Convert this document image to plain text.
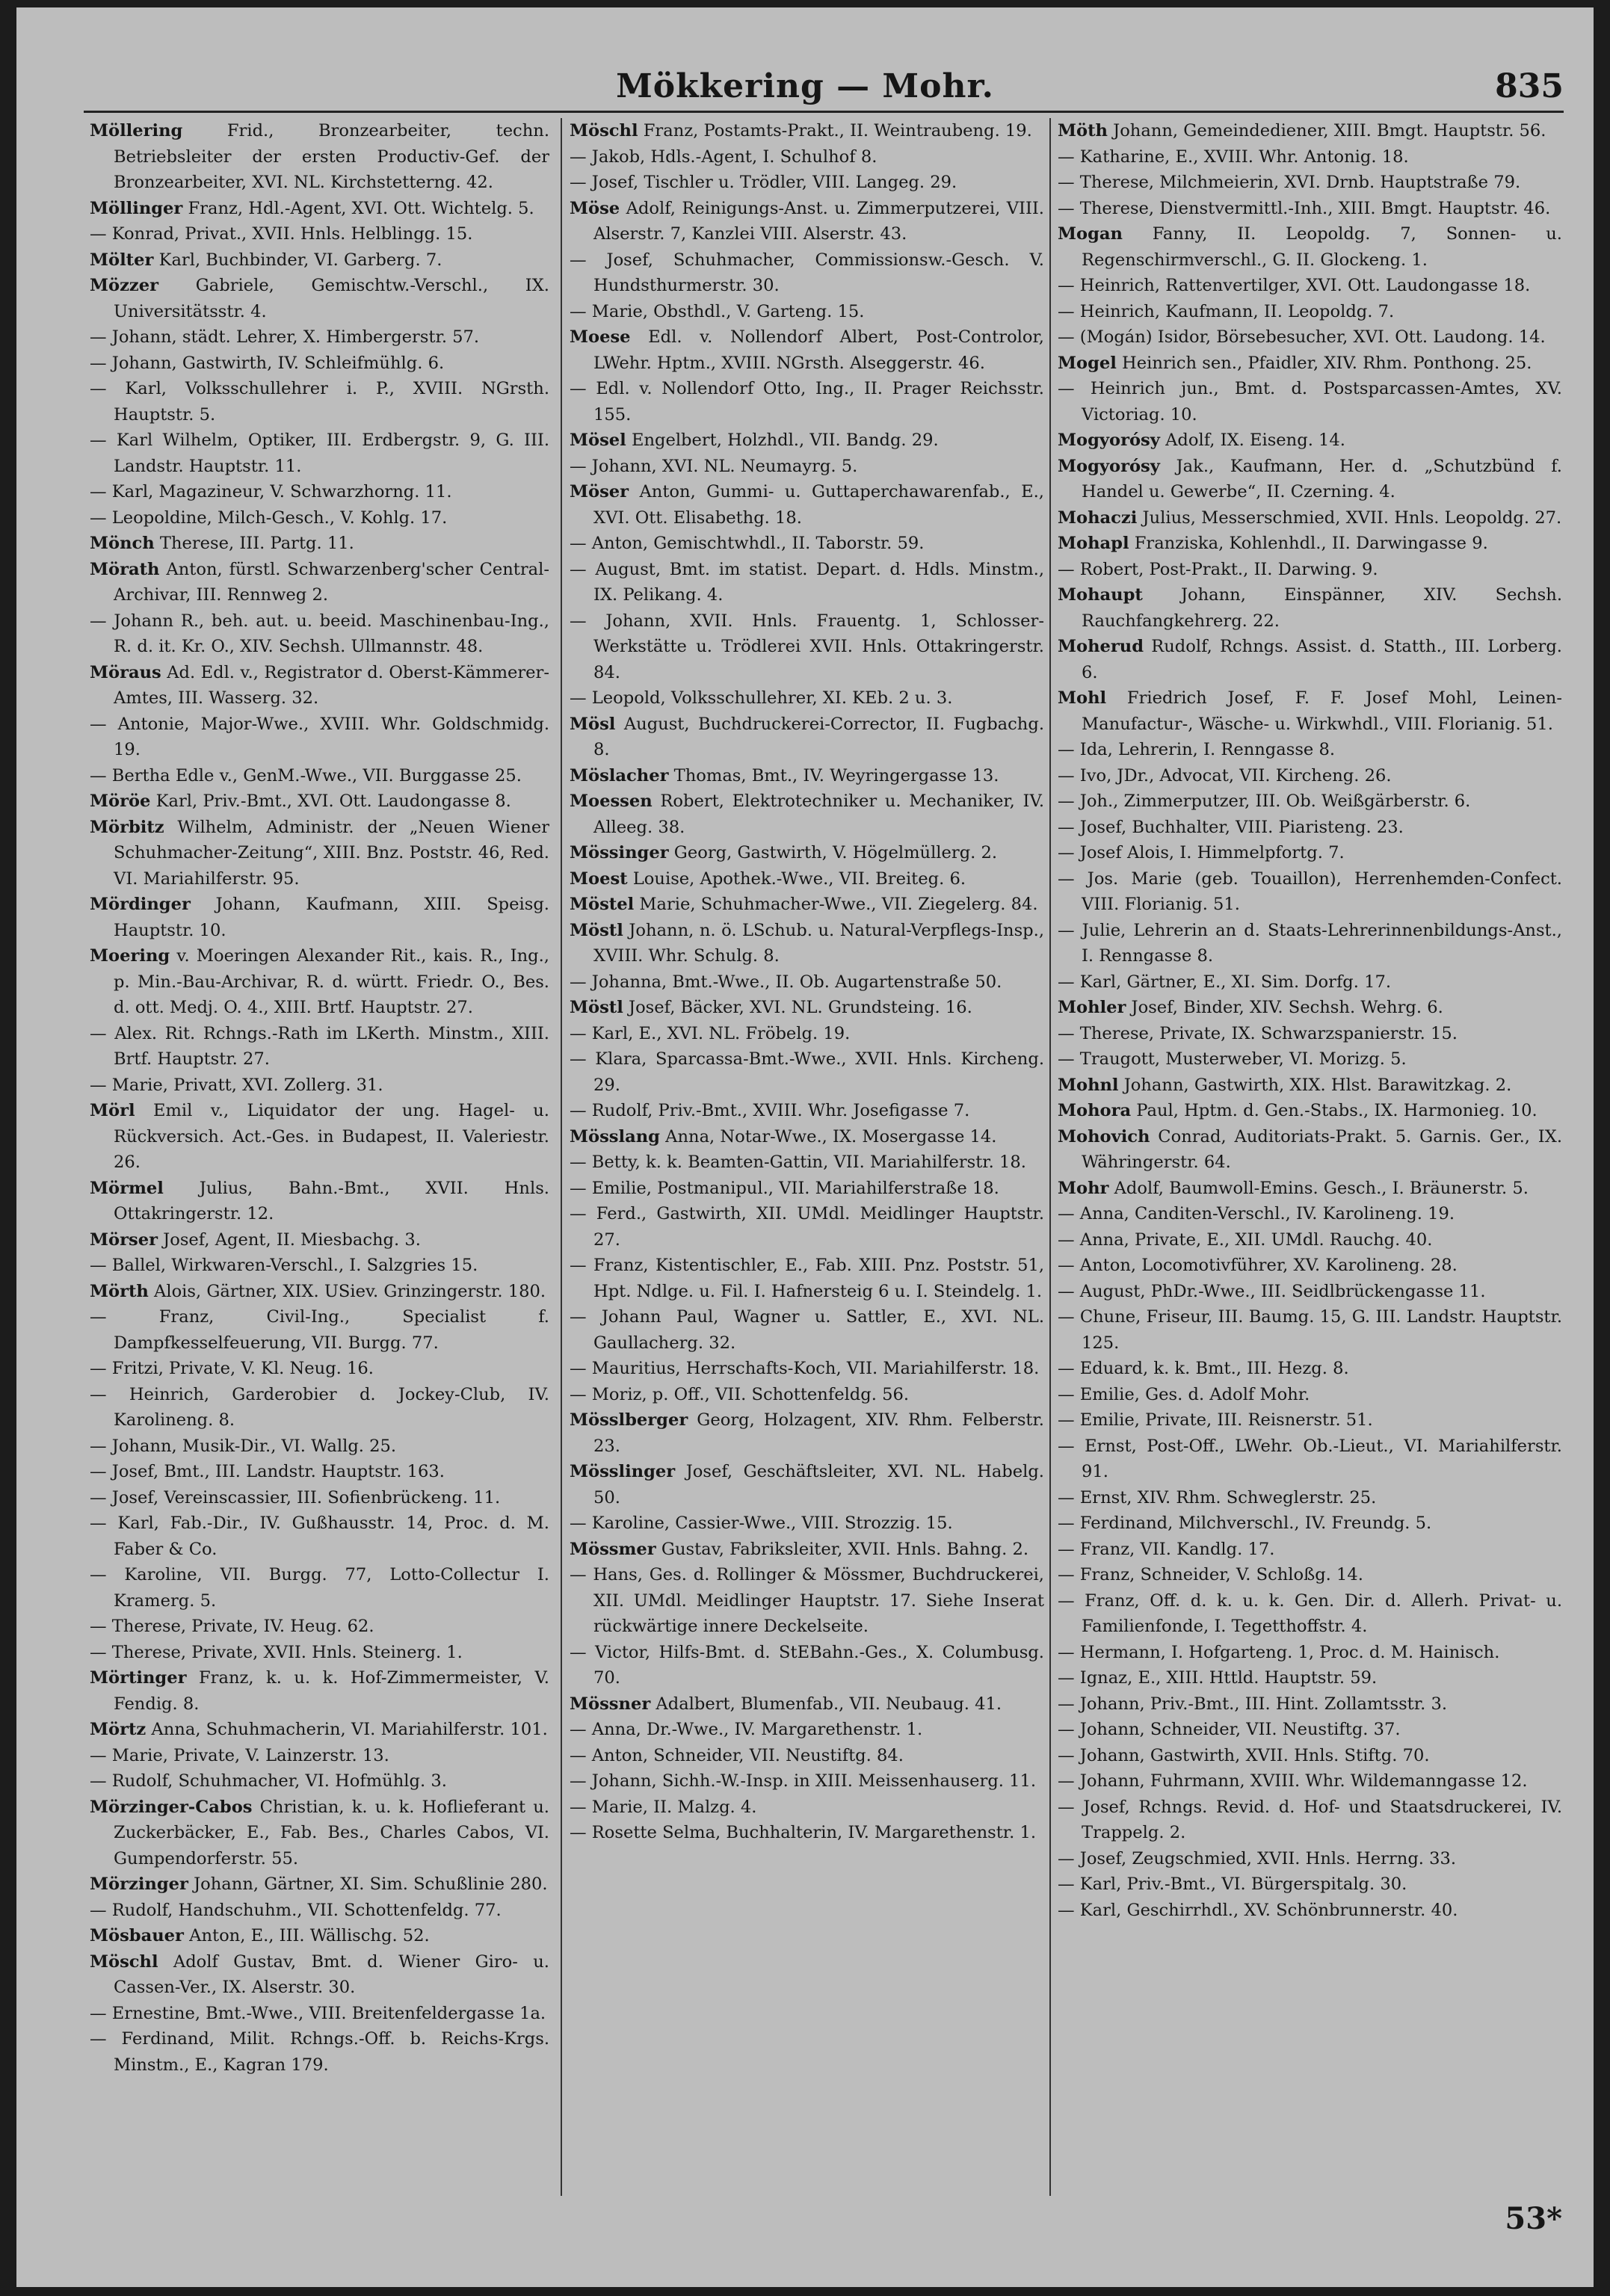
Mökkering — Mohr.	835

Möllering Frid., Bronzearbeiter, techn. Betriebsleiter der ersten Productiv-Gef. der Bronzearbeiter, XVI. NL. Kirchstetterng. 42.

Möllinger Franz, Hdl.-Agent, XVI. Ott. Wichtelg. 5.

— Konrad, Privat., XVII. Hnls. Helblingg. 15.

Mölter Karl, Buchbinder, VI. Garberg. 7.

Mözzer Gabriele, Gemischtw.-Verschl., IX. Universitätsstr. 4.

— Johann, städt. Lehrer, X. Himbergerstr. 57.

— Johann, Gastwirth, IV. Schleifmühlg. 6.

— Karl, Volksschullehrer i. P., XVIII. NGrsth. Hauptstr. 5.

— Karl Wilhelm, Optiker, III. Erdbergstr. 9, G. III. Landstr. Hauptstr. 11.

— Karl, Magazineur, V. Schwarzhorng. 11.

— Leopoldine, Milch-Gesch., V. Kohlg. 17.

Mönch Therese, III. Partg. 11.

Mörath Anton, fürstl. Schwarzenberg'scher Central-Archivar, III. Rennweg 2.

— Johann R., beh. aut. u. beeid. Maschinenbau-Ing., R. d. it. Kr. O., XIV. Sechsh. Ullmannstr. 48.

Möraus Ad. Edl. v., Registrator d. Oberst-Kämmerer-Amtes, III. Wasserg. 32.

— Antonie, Major-Wwe., XVIII. Whr. Goldschmidg. 19.

— Bertha Edle v., GenM.-Wwe., VII. Burggasse 25.

Möröe Karl, Priv.-Bmt., XVI. Ott. Laudongasse 8.

Mörbitz Wilhelm, Administr. der „Neuen Wiener Schuhmacher-Zeitung“, XIII. Bnz. Poststr. 46, Red. VI. Mariahilferstr. 95.

Mördinger Johann, Kaufmann, XIII. Speisg. Hauptstr. 10.

Moering v. Moeringen Alexander Rit., kais. R., Ing., p. Min.-Bau-Archivar, R. d. württ. Friedr. O., Bes. d. ott. Medj. O. 4., XIII. Brtf. Hauptstr. 27.

— Alex. Rit. Rchngs.-Rath im LKerth. Minstm., XIII. Brtf. Hauptstr. 27.

— Marie, Privatt, XVI. Zollerg. 31.

Mörl Emil v., Liquidator der ung. Hagel- u. Rückversich. Act.-Ges. in Budapest, II. Valeriestr. 26.

Mörmel Julius, Bahn.-Bmt., XVII. Hnls. Ottakringerstr. 12.

Mörser Josef, Agent, II. Miesbachg. 3.

— Ballel, Wirkwaren-Verschl., I. Salzgries 15.

Mörth Alois, Gärtner, XIX. USiev. Grinzingerstr. 180.

— Franz, Civil-Ing., Specialist f. Dampfkesselfeuerung, VII. Burgg. 77.

— Fritzi, Private, V. Kl. Neug. 16.

— Heinrich, Garderobier d. Jockey-Club, IV. Karolineng. 8.

— Johann, Musik-Dir., VI. Wallg. 25.

— Josef, Bmt., III. Landstr. Hauptstr. 163.

— Josef, Vereinscassier, III. Sofienbrückeng. 11.

— Karl, Fab.-Dir., IV. Gußhausstr. 14, Proc. d. M. Faber & Co.

— Karoline, VII. Burgg. 77, Lotto-Collectur I. Kramerg. 5.

— Therese, Private, IV. Heug. 62.

— Therese, Private, XVII. Hnls. Steinerg. 1.

Mörtinger Franz, k. u. k. Hof-Zimmermeister, V. Fendig. 8.

Mörtz Anna, Schuhmacherin, VI. Mariahilferstr. 101.

— Marie, Private, V. Lainzerstr. 13.

— Rudolf, Schuhmacher, VI. Hofmühlg. 3.

Mörzinger-Cabos Christian, k. u. k. Hoflieferant u. Zuckerbäcker, E., Fab. Bes., Charles Cabos, VI. Gumpendorferstr. 55.

Mörzinger Johann, Gärtner, XI. Sim. Schußlinie 280.

— Rudolf, Handschuhm., VII. Schottenfeldg. 77.

Mösbauer Anton, E., III. Wällischg. 52.

Möschl Adolf Gustav, Bmt. d. Wiener Giro- u. Cassen-Ver., IX. Alserstr. 30.

— Ernestine, Bmt.-Wwe., VIII. Breitenfeldergasse 1a.

— Ferdinand, Milit. Rchngs.-Off. b. Reichs-Krgs. Minstm., E., Kagran 179.

Möschl Franz, Postamts-Prakt., II. Weintraubeng. 19.

— Jakob, Hdls.-Agent, I. Schulhof 8.

— Josef, Tischler u. Trödler, VIII. Langeg. 29.

Möse Adolf, Reinigungs-Anst. u. Zimmerputzerei, VIII. Alserstr. 7, Kanzlei VIII. Alserstr. 43.

— Josef, Schuhmacher, Commissionsw.-Gesch. V. Hundsthurmerstr. 30.

— Marie, Obsthdl., V. Garteng. 15.

Moese Edl. v. Nollendorf Albert, Post-Controlor, LWehr. Hptm., XVIII. NGrsth. Alseggerstr. 46.

— Edl. v. Nollendorf Otto, Ing., II. Prager Reichsstr. 155.

Mösel Engelbert, Holzhdl., VII. Bandg. 29.

— Johann, XVI. NL. Neumayrg. 5.

Möser Anton, Gummi- u. Guttaperchawarenfab., E., XVI. Ott. Elisabethg. 18.

— Anton, Gemischtwhdl., II. Taborstr. 59.

— August, Bmt. im statist. Depart. d. Hdls. Minstm., IX. Pelikang. 4.

— Johann, XVII. Hnls. Frauentg. 1, Schlosser-Werkstätte u. Trödlerei XVII. Hnls. Ottakringerstr. 84.

— Leopold, Volksschullehrer, XI. KEb. 2 u. 3.

Mösl August, Buchdruckerei-Corrector, II. Fugbachg. 8.

Möslacher Thomas, Bmt., IV. Weyringergasse 13.

Moessen Robert, Elektrotechniker u. Mechaniker, IV. Alleeg. 38.

Mössinger Georg, Gastwirth, V. Högelmüllerg. 2.

Moest Louise, Apothek.-Wwe., VII. Breiteg. 6.

Möstel Marie, Schuhmacher-Wwe., VII. Ziegelerg. 84.

Möstl Johann, n. ö. LSchub. u. Natural-Verpflegs-Insp., XVIII. Whr. Schulg. 8.

— Johanna, Bmt.-Wwe., II. Ob. Augartenstraße 50.

Möstl Josef, Bäcker, XVI. NL. Grundsteing. 16.

— Karl, E., XVI. NL. Fröbelg. 19.

— Klara, Sparcassa-Bmt.-Wwe., XVII. Hnls. Kircheng. 29.

— Rudolf, Priv.-Bmt., XVIII. Whr. Josefigasse 7.

Mösslang Anna, Notar-Wwe., IX. Mosergasse 14.

— Betty, k. k. Beamten-Gattin, VII. Mariahilferstr. 18.

— Emilie, Postmanipul., VII. Mariahilferstraße 18.

— Ferd., Gastwirth, XII. UMdl. Meidlinger Hauptstr. 27.

— Franz, Kistentischler, E., Fab. XIII. Pnz. Poststr. 51, Hpt. Ndlge. u. Fil. I. Hafnersteig 6 u. I. Steindelg. 1.

— Johann Paul, Wagner u. Sattler, E., XVI. NL. Gaullacherg. 32.

— Mauritius, Herrschafts-Koch, VII. Mariahilferstr. 18.

— Moriz, p. Off., VII. Schottenfeldg. 56.

Mösslberger Georg, Holzagent, XIV. Rhm. Felberstr. 23.

Mösslinger Josef, Geschäftsleiter, XVI. NL. Habelg. 50.

— Karoline, Cassier-Wwe., VIII. Strozzig. 15.

Mössmer Gustav, Fabriksleiter, XVII. Hnls. Bahng. 2.

— Hans, Ges. d. Rollinger & Mössmer, Buchdruckerei, XII. UMdl. Meidlinger Hauptstr. 17. Siehe Inserat rückwärtige innere Deckelseite.

— Victor, Hilfs-Bmt. d. StEBahn.-Ges., X. Columbusg. 70.

Mössner Adalbert, Blumenfab., VII. Neubaug. 41.

— Anna, Dr.-Wwe., IV. Margarethenstr. 1.

— Anton, Schneider, VII. Neustiftg. 84.

— Johann, Sichh.-W.-Insp. in XIII. Meissenhauserg. 11.

— Marie, II. Malzg. 4.

— Rosette Selma, Buchhalterin, IV. Margarethenstr. 1.

Möth Johann, Gemeindediener, XIII. Bmgt. Hauptstr. 56.

— Katharine, E., XVIII. Whr. Antonig. 18.

— Therese, Milchmeierin, XVI. Drnb. Hauptstraße 79.

— Therese, Dienstvermittl.-Inh., XIII. Bmgt. Hauptstr. 46.

Mogan Fanny, II. Leopoldg. 7, Sonnen- u. Regenschirmverschl., G. II. Glockeng. 1.

— Heinrich, Rattenvertilger, XVI. Ott. Laudongasse 18.

— Heinrich, Kaufmann, II. Leopoldg. 7.

— (Mogán) Isidor, Börsebesucher, XVI. Ott. Laudong. 14.

Mogel Heinrich sen., Pfaidler, XIV. Rhm. Ponthong. 25.

— Heinrich jun., Bmt. d. Postsparcassen-Amtes, XV. Victoriag. 10.

Mogyorósy Adolf, IX. Eiseng. 14.

Mogyorósy Jak., Kaufmann, Her. d. „Schutzbünd f. Handel u. Gewerbe“, II. Czerning. 4.

Mohaczi Julius, Messerschmied, XVII. Hnls. Leopoldg. 27.

Mohapl Franziska, Kohlenhdl., II. Darwingasse 9.

— Robert, Post-Prakt., II. Darwing. 9.

Mohaupt Johann, Einspänner, XIV. Sechsh. Rauchfangkehrerg. 22.

Moherud Rudolf, Rchngs. Assist. d. Statth., III. Lorberg. 6.

Mohl Friedrich Josef, F. F. Josef Mohl, Leinen-Manufactur-, Wäsche- u. Wirkwhdl., VIII. Florianig. 51.

— Ida, Lehrerin, I. Renngasse 8.

— Ivo, JDr., Advocat, VII. Kircheng. 26.

— Joh., Zimmerputzer, III. Ob. Weißgärberstr. 6.

— Josef, Buchhalter, VIII. Piaristeng. 23.

— Josef Alois, I. Himmelpfortg. 7.

— Jos. Marie (geb. Touaillon), Herrenhemden-Confect. VIII. Florianig. 51.

— Julie, Lehrerin an d. Staats-Lehrerinnenbildungs-Anst., I. Renngasse 8.

— Karl, Gärtner, E., XI. Sim. Dorfg. 17.

Mohler Josef, Binder, XIV. Sechsh. Wehrg. 6.

— Therese, Private, IX. Schwarzspanierstr. 15.

— Traugott, Musterweber, VI. Morizg. 5.

Mohnl Johann, Gastwirth, XIX. Hlst. Barawitzkag. 2.

Mohora Paul, Hptm. d. Gen.-Stabs., IX. Harmonieg. 10.

Mohovich Conrad, Auditoriats-Prakt. 5. Garnis. Ger., IX. Währingerstr. 64.

Mohr Adolf, Baumwoll-Emins. Gesch., I. Bräunerstr. 5.

— Anna, Canditen-Verschl., IV. Karolineng. 19.

— Anna, Private, E., XII. UMdl. Rauchg. 40.

— Anton, Locomotivführer, XV. Karolineng. 28.

— August, PhDr.-Wwe., III. Seidlbrückengasse 11.

— Chune, Friseur, III. Baumg. 15, G. III. Landstr. Hauptstr. 125.

— Eduard, k. k. Bmt., III. Hezg. 8.

— Emilie, Ges. d. Adolf Mohr.

— Emilie, Private, III. Reisnerstr. 51.

— Ernst, Post-Off., LWehr. Ob.-Lieut., VI. Mariahilferstr. 91.

— Ernst, XIV. Rhm. Schweglerstr. 25.

— Ferdinand, Milchverschl., IV. Freundg. 5.

— Franz, VII. Kandlg. 17.

— Franz, Schneider, V. Schloßg. 14.

— Franz, Off. d. k. u. k. Gen. Dir. d. Allerh. Privat- u. Familienfonde, I. Tegetthoffstr. 4.

— Hermann, I. Hofgarteng. 1, Proc. d. M. Hainisch.

— Ignaz, E., XIII. Httld. Hauptstr. 59.

— Johann, Priv.-Bmt., III. Hint. Zollamtsstr. 3.

— Johann, Schneider, VII. Neustiftg. 37.

— Johann, Gastwirth, XVII. Hnls. Stiftg. 70.

— Johann, Fuhrmann, XVIII. Whr. Wildemanngasse 12.

— Josef, Rchngs. Revid. d. Hof- und Staatsdruckerei, IV. Trappelg. 2.

— Josef, Zeugschmied, XVII. Hnls. Herrng. 33.

— Karl, Priv.-Bmt., VI. Bürgerspitalg. 30.

— Karl, Geschirrhdl., XV. Schönbrunnerstr. 40.

53*
